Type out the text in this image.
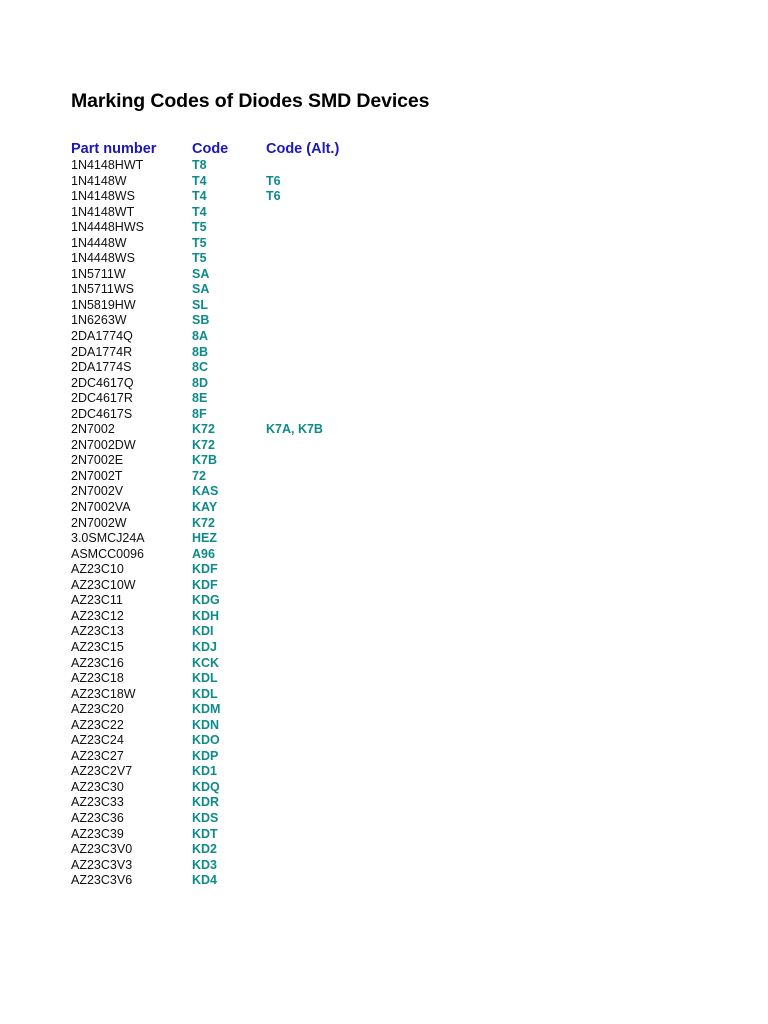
Marking Codes of Diodes SMD Devices
Part number	Code	Code (Alt.)
1N4148HWT	T8
1N4148W	T4	T6
1N4148WS	T4	T6
1N4148WT	T4
1N4448HWS	T5
1N4448W	T5
1N4448WS	T5
1N5711W	SA
1N5711WS	SA
1N5819HW	SL
1N6263W	SB
2DA1774Q	8A
2DA1774R	8B
2DA1774S	8C
2DC4617Q	8D
2DC4617R	8E
2DC4617S	8F
2N7002	K72	K7A, K7B
2N7002DW	K72
2N7002E	K7B
2N7002T	72
2N7002V	KAS
2N7002VA	KAY
2N7002W	K72
3.0SMCJ24A	HEZ
ASMCC0096	A96
AZ23C10	KDF
AZ23C10W	KDF
AZ23C11	KDG
AZ23C12	KDH
AZ23C13	KDI
AZ23C15	KDJ
AZ23C16	KCK
AZ23C18	KDL
AZ23C18W	KDL
AZ23C20	KDM
AZ23C22	KDN
AZ23C24	KDO
AZ23C27	KDP
AZ23C2V7	KD1
AZ23C30	KDQ
AZ23C33	KDR
AZ23C36	KDS
AZ23C39	KDT
AZ23C3V0	KD2
AZ23C3V3	KD3
AZ23C3V6	KD4
